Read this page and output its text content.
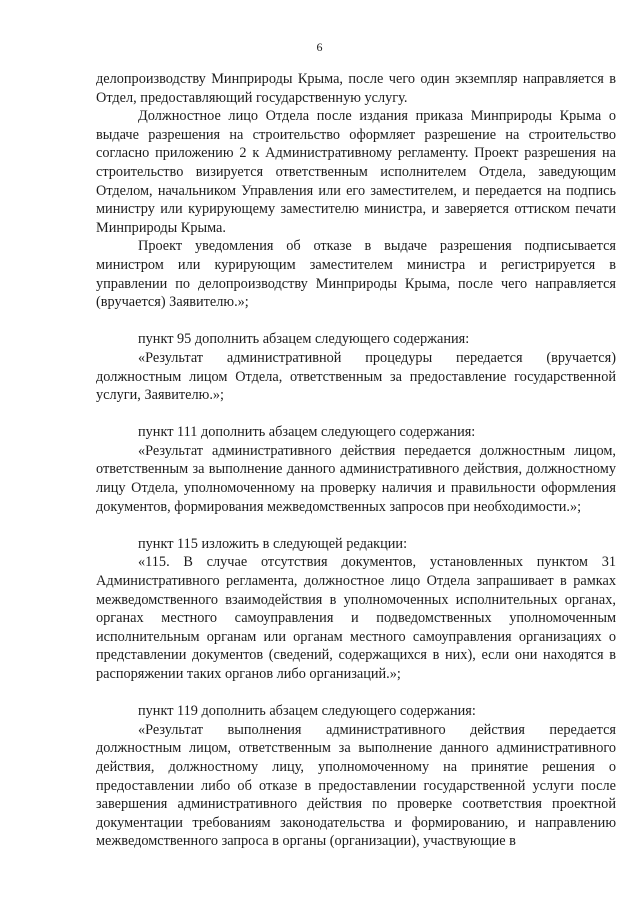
6

делопроизводству Минприроды Крыма, после чего один экземпляр направляется в Отдел, предоставляющий государственную услугу.

Должностное лицо Отдела после издания приказа Минприроды Крыма о выдаче разрешения на строительство оформляет разрешение на строительство согласно приложению 2 к Административному регламенту. Проект разрешения на строительство визируется ответственным исполнителем Отдела, заведующим Отделом, начальником Управления или его заместителем, и передается на подпись министру или курирующему заместителю министра, и заверяется оттиском печати Минприроды Крыма.

Проект уведомления об отказе в выдаче разрешения подписывается министром или курирующим заместителем министра и регистрируется в управлении по делопроизводству Минприроды Крыма, после чего направляется (вручается) Заявителю.»;

пункт 95 дополнить абзацем следующего содержания:

«Результат административной процедуры передается (вручается) должностным лицом Отдела, ответственным за предоставление государственной услуги, Заявителю.»;

пункт 111 дополнить абзацем следующего содержания:

«Результат административного действия передается должностным лицом, ответственным за выполнение данного административного действия, должностному лицу Отдела, уполномоченному на проверку наличия и правильности оформления документов, формирования межведомственных запросов при необходимости.»;

пункт 115 изложить в следующей редакции:

«115. В случае отсутствия документов, установленных пунктом 31 Административного регламента, должностное лицо Отдела запрашивает в рамках межведомственного взаимодействия в уполномоченных исполнительных органах, органах местного самоуправления и подведомственных уполномоченным исполнительным органам или органам местного самоуправления организациях о представлении документов (сведений, содержащихся в них), если они находятся в распоряжении таких органов либо организаций.»;

пункт 119 дополнить абзацем следующего содержания:

«Результат выполнения административного действия передается должностным лицом, ответственным за выполнение данного административного действия, должностному лицу, уполномоченному на принятие решения о предоставлении либо об отказе в предоставлении государственной услуги после завершения административного действия по проверке соответствия проектной документации требованиям законодательства и формированию, и направлению межведомственного запроса в органы (организации), участвующие в
